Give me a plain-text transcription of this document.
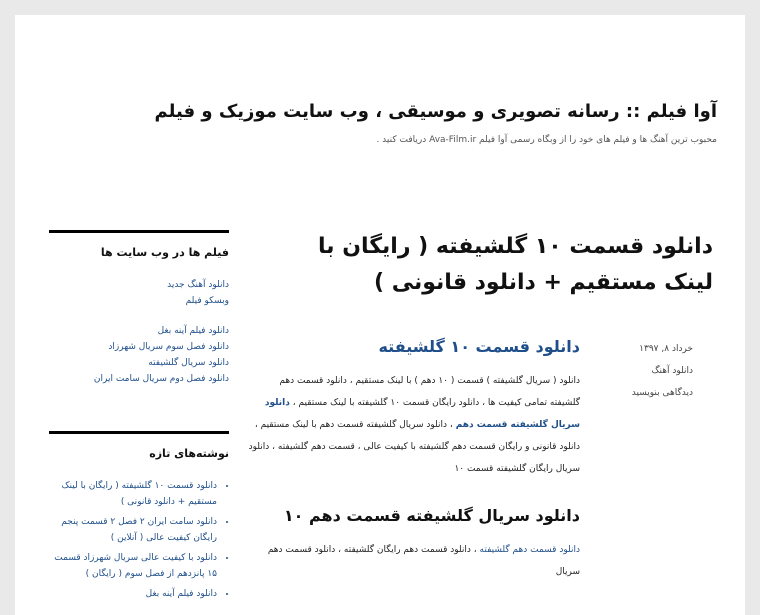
آوا فیلم :: رسانه تصویری و موسیقی ، وب سایت موزیک و فیلم
محبوب ترین آهنگ ها و فیلم های خود را از وبگاه رسمی آوا فیلم Ava-Film.ir دریافت کنید .
فیلم ها در وب سایت ها
دانلود آهنگ جدید
وبسکو فیلم
دانلود فیلم آینه بغل
دانلود فصل سوم سریال شهرزاد
دانلود سریال گلشیفته
دانلود فصل دوم سریال سامت ایران
نوشته‌های تازه
• دانلود قسمت ۱۰ گلشیفته ( رایگان با لینک مستقیم + دانلود قانونی )
• دانلود سامت ایران ۲ فصل ۲ قسمت پنجم رایگان کیفیت عالی ( آنلاین )
• دانلود با کیفیت عالی سریال شهرزاد قسمت ۱۵ پانزدهم از فصل سوم ( رایگان )
• دانلود فیلم آینه بغل
دانلود قسمت ۱۰ گلشیفته ( رایگان با لینک مستقیم + دانلود قانونی )
خرداد ۸, ۱۳۹۷
دانلود آهنگ
دیدگاهی بنویسید
دانلود قسمت ۱۰ گلشیفته

دانلود ( سریال گلشیفته ) قسمت ( ۱۰ دهم ) با لینک مستقیم ، دانلود قسمت دهم گلشیفته تمامی کیفیت ها ، دانلود رایگان قسمت ۱۰ گلشیفته با لینک مستقیم ، دانلود سریال گلشیفته قسمت دهم ، دانلود سریال گلشیفته قسمت دهم با لینک مستقیم ، دانلود قانونی و رایگان قسمت دهم گلشیفته با کیفیت عالی ، قسمت دهم گلشیفته ، دانلود سریال رایگان گلشیفته قسمت ۱۰

دانلود سریال گلشیفته قسمت دهم ۱۰

دانلود قسمت دهم گلشیفته ، دانلود قسمت دهم رایگان گلشیفته ، دانلود قسمت دهم سریال
